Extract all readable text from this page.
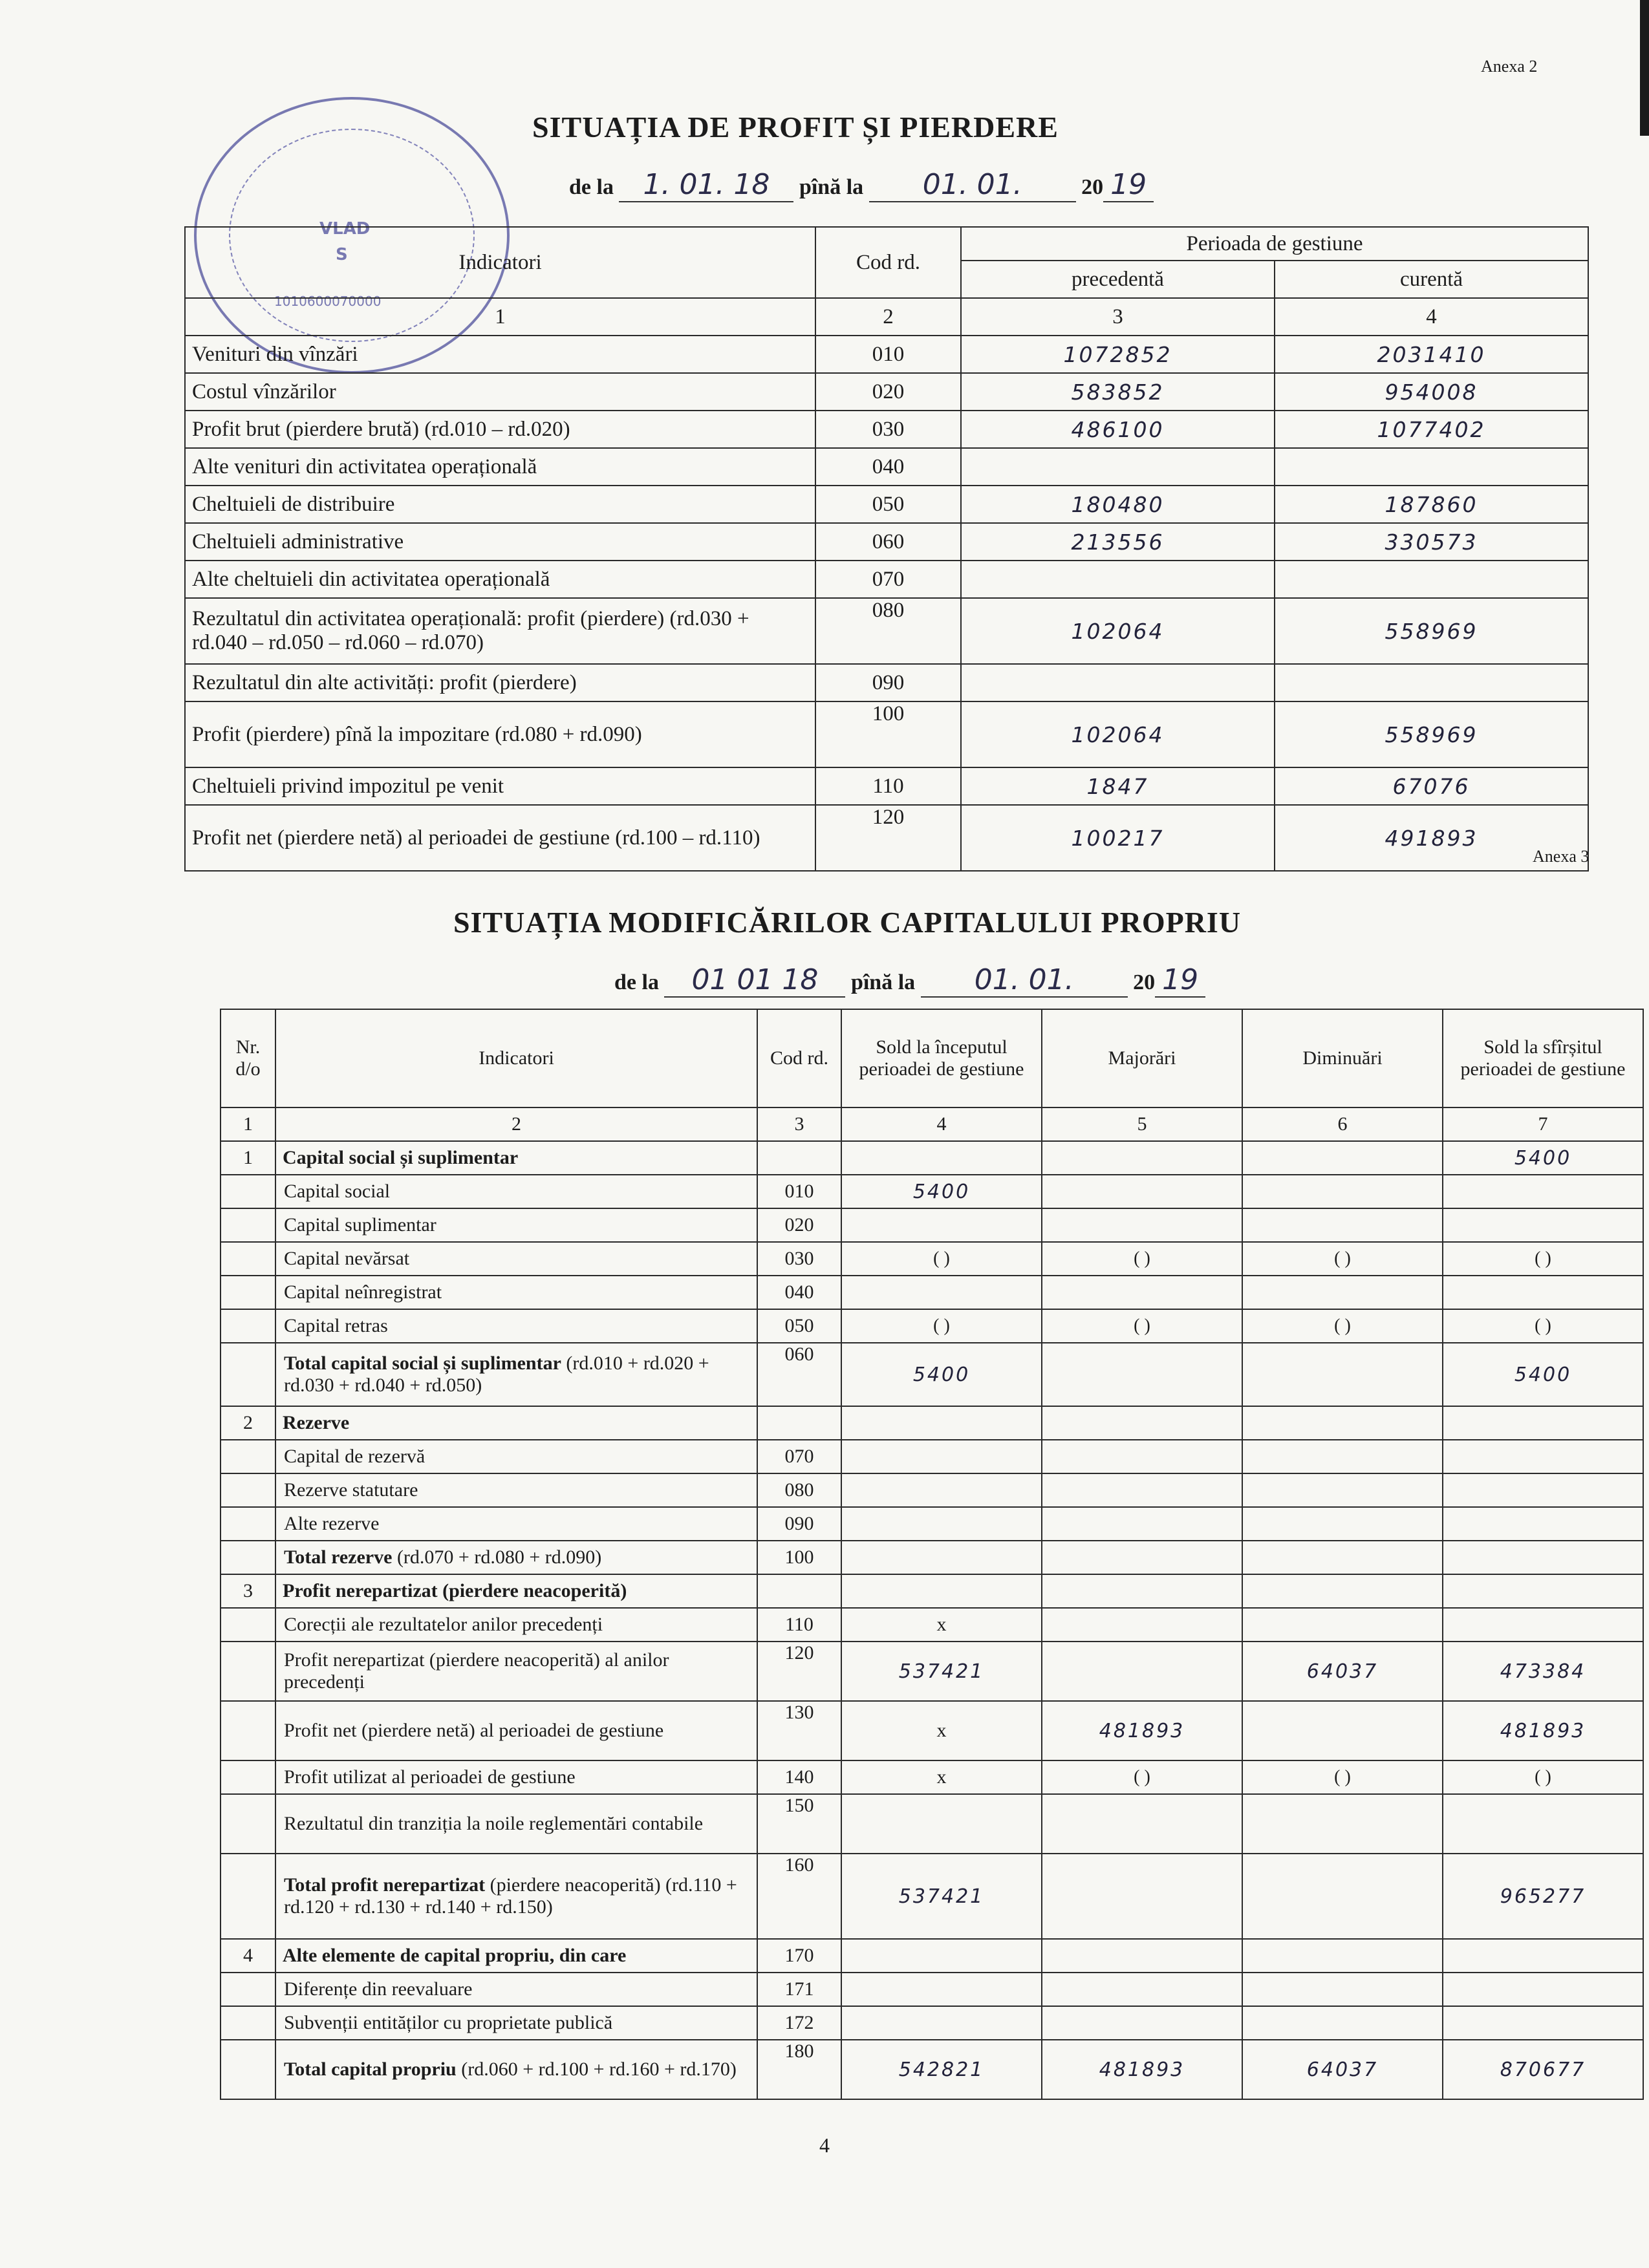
Anexa 2
VLAD
S
1010600070000
SITUAȚIA DE PROFIT ȘI PIERDERE
de la 1. 01. 18 pînă la 01. 01.	20 19
Indicatori	Cod rd.	Perioada de gestiune	
		precedentă	curentă
1	2	3	4
Venituri din vînzări	010	1072852	2031410
Costul vînzărilor	020	583852	954008
Profit brut (pierdere brută) (rd.010 – rd.020)	030	486100	1077402
Alte venituri din activitatea operațională	040		
Cheltuieli de distribuire	050	180480	187860
Cheltuieli administrative	060	213556	330573
Alte cheltuieli din activitatea operațională	070		
Rezultatul din activitatea operațională: profit (pierdere) (rd.030 + rd.040 – rd.050 – rd.060 – rd.070)	080	102064	558969
Rezultatul din alte activități: profit (pierdere)	090		
Profit (pierdere) pînă la impozitare (rd.080 + rd.090)	100	102064	558969
Cheltuieli privind impozitul pe venit	110	1847	67076
Profit net (pierdere netă) al perioadei de gestiune (rd.100 – rd.110)	120	100217	491893
Anexa 3
SITUAȚIA MODIFICĂRILOR CAPITALULUI PROPRIU
de la 01 01 18 pînă la 01. 01.	20 19
Nr. d/o	Indicatori	Cod rd.	Sold la începutul perioadei de gestiune	Majorări	Diminuări	Sold la sfîrșitul perioadei de gestiune
1	2	3	4	5	6	7
1	Capital social și suplimentar					5400
	Capital social	010	5400			
	Capital suplimentar	020				
	Capital nevărsat	030	( )	( )	( )	( )
	Capital neînregistrat	040				
	Capital retras	050	( )	( )	( )	( )
	Total capital social și suplimentar (rd.010 + rd.020 + rd.030 + rd.040 + rd.050)	060	5400			5400
2	Rezerve					
	Capital de rezervă	070				
	Rezerve statutare	080				
	Alte rezerve	090				
	Total rezerve (rd.070 + rd.080 + rd.090)	100				
3	Profit nerepartizat (pierdere neacoperită)					
	Corecții ale rezultatelor anilor precedenți	110	x			
	Profit nerepartizat (pierdere neacoperită) al anilor precedenți	120	537421		64037	473384
	Profit net (pierdere netă) al perioadei de gestiune	130	x	481893		481893
	Profit utilizat al perioadei de gestiune	140	x	( )	( )	( )
	Rezultatul din tranziția la noile reglementări contabile	150				
	Total profit nerepartizat (pierdere neacoperită) (rd.110 + rd.120 + rd.130 + rd.140 + rd.150)	160	537421			965277
4	Alte elemente de capital propriu, din care	170				
	Diferențe din reevaluare	171				
	Subvenții entităților cu proprietate publică	172				
	Total capital propriu (rd.060 + rd.100 + rd.160 + rd.170)	180	542821	481893	64037	870677
4
